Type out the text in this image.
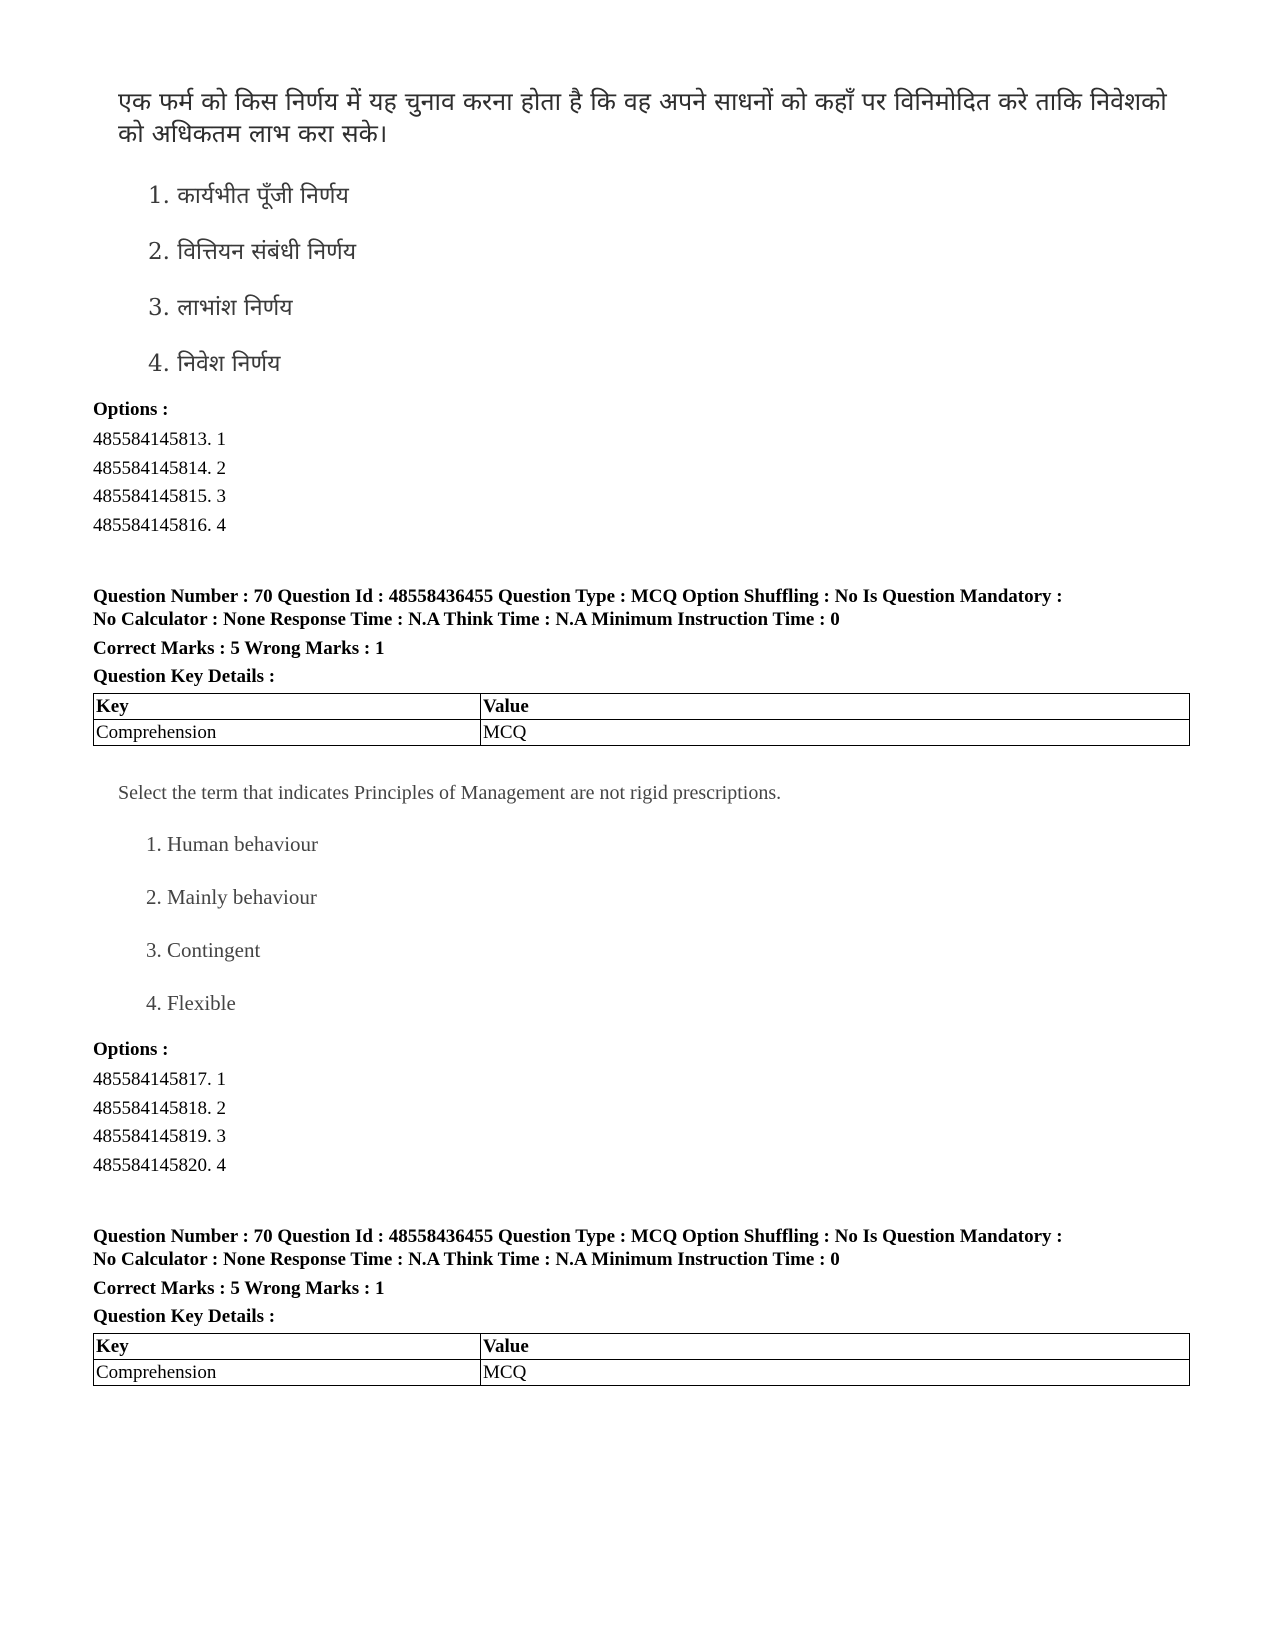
एक फर्म को किस निर्णय में यह चुनाव करना होता है कि वह अपने साधनों को कहाँ पर विनिमोदित करे ताकि निवेशको को अधिकतम लाभ करा सके।
1. कार्यभीत पूँजी निर्णय
2. वित्तियन संबंधी निर्णय
3. लाभांश निर्णय
4. निवेश निर्णय
Options :
485584145813. 1
485584145814. 2
485584145815. 3
485584145816. 4
Question Number : 70 Question Id : 48558436455 Question Type : MCQ Option Shuffling : No Is Question Mandatory :
No Calculator : None Response Time : N.A Think Time : N.A Minimum Instruction Time : 0
Correct Marks : 5 Wrong Marks : 1
Question Key Details :
Key	Value
Comprehension	MCQ
Select the term that indicates Principles of Management are not rigid prescriptions.
1. Human behaviour
2. Mainly behaviour
3. Contingent
4. Flexible
Options :
485584145817. 1
485584145818. 2
485584145819. 3
485584145820. 4
Question Number : 70 Question Id : 48558436455 Question Type : MCQ Option Shuffling : No Is Question Mandatory :
No Calculator : None Response Time : N.A Think Time : N.A Minimum Instruction Time : 0
Correct Marks : 5 Wrong Marks : 1
Question Key Details :
Key	Value
Comprehension	MCQ
